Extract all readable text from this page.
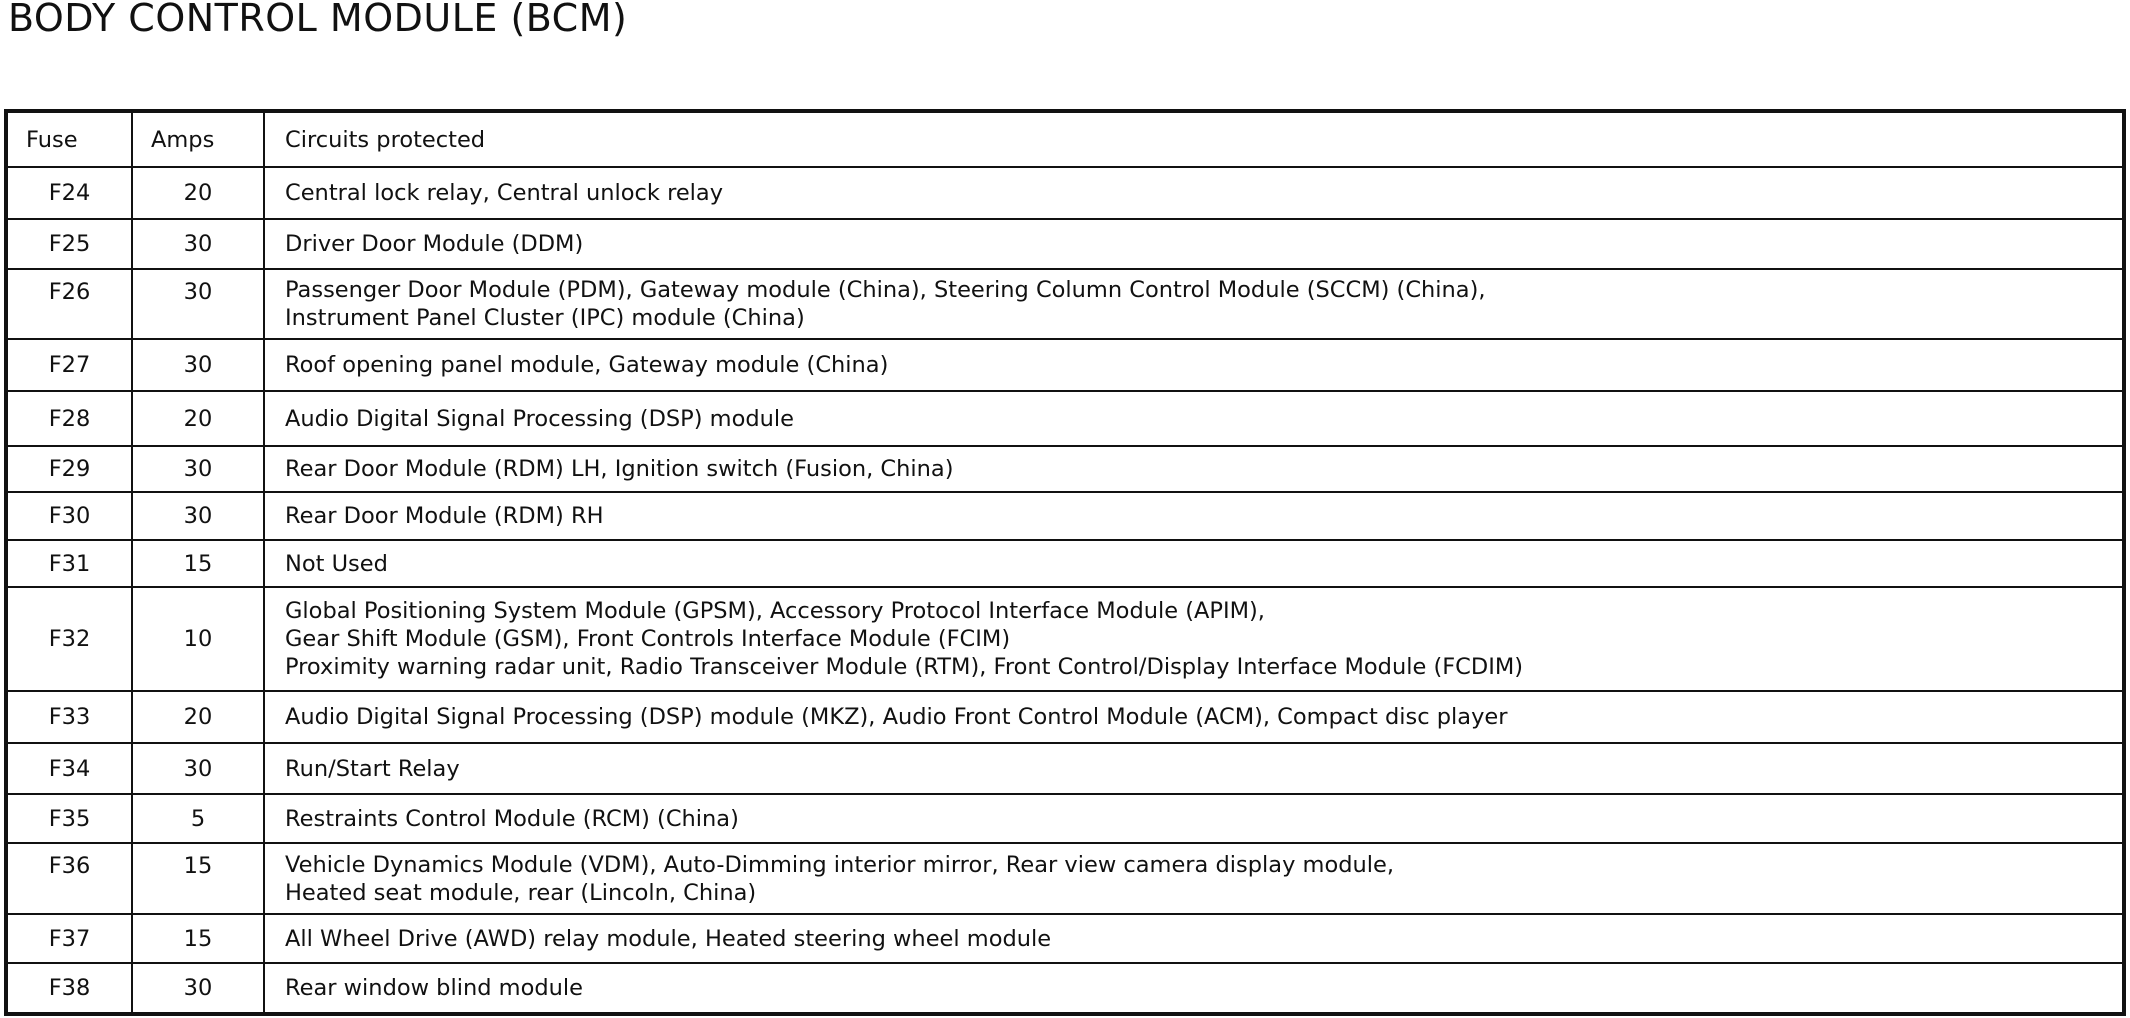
BODY CONTROL MODULE (BCM)
Fuse	Amps	Circuits protected
F24	20	Central lock relay, Central unlock relay

F25	30	Driver Door Module (DDM)

F26	30	Passenger Door Module (PDM), Gateway module (China), Steering Column Control Module (SCCM) (China),
Instrument Panel Cluster (IPC) module (China)

F27	30	Roof opening panel module, Gateway module (China)

F28	20	Audio Digital Signal Processing (DSP) module

F29	30	Rear Door Module (RDM) LH, Ignition switch (Fusion, China)

F30	30	Rear Door Module (RDM) RH

F31	15	Not Used

F32	10	Global Positioning System Module (GPSM), Accessory Protocol Interface Module (APIM),
Gear Shift Module (GSM), Front Controls Interface Module (FCIM)
Proximity warning radar unit, Radio Transceiver Module (RTM), Front Control/Display Interface Module (FCDIM)

F33	20	Audio Digital Signal Processing (DSP) module (MKZ), Audio Front Control Module (ACM), Compact disc player

F34	30	Run/Start Relay

F35	5	Restraints Control Module (RCM) (China)

F36	15	Vehicle Dynamics Module (VDM), Auto-Dimming interior mirror, Rear view camera display module,
Heated seat module, rear (Lincoln, China)

F37	15	All Wheel Drive (AWD) relay module, Heated steering wheel module

F38	30	Rear window blind module
